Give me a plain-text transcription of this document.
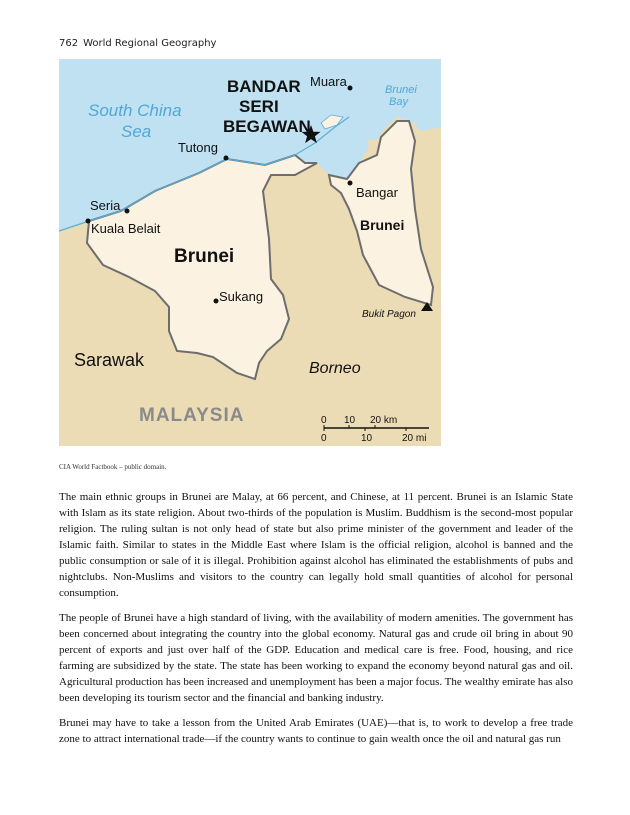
762 World Regional Geography
BANDAR
SERI
BEGAWAN
Muara
Brunei
Bay
South China
Sea
Tutong
Bangar
Brunei
Seria
Kuala Belait
Brunei
Sukang
Bukit Pagon
Sarawak	Borneo
MALAYSIA	0 10 20 km
0	10	20 mi
CIA World Factbook – public domain.

The main ethnic groups in Brunei are Malay, at 66 percent, and Chinese, at 11 percent. Brunei is an Islamic State with Islam as its state religion. About two-thirds of the population is Muslim. Buddhism is the second-most popular religion. The ruling sultan is not only head of state but also prime minister of the government and leader of the Islamic faith. Similar to states in the Middle East where Islam is the official religion, alcohol is banned and the public consumption or sale of it is illegal. Prohibition against alcohol has eliminated the establishments of pubs and nightclubs. Non-Muslims and visitors to the country can legally hold small quantities of alcohol for personal consumption.

The people of Brunei have a high standard of living, with the availability of modern amenities. The government has been concerned about integrating the country into the global economy. Natural gas and crude oil bring in about 90 percent of exports and just over half of the GDP. Education and medical care is free. Food, housing, and rice farming are subsidized by the state. The state has been working to expand the economy beyond natural gas and oil. Agricultural production has been increased and unemployment has been a major focus. The wealthy emirate has also been developing its tourism sector and the financial and banking industry.

Brunei may have to take a lesson from the United Arab Emirates (UAE)—that is, to work to develop a free trade zone to attract international trade—if the country wants to continue to gain wealth once the oil and natural gas run
